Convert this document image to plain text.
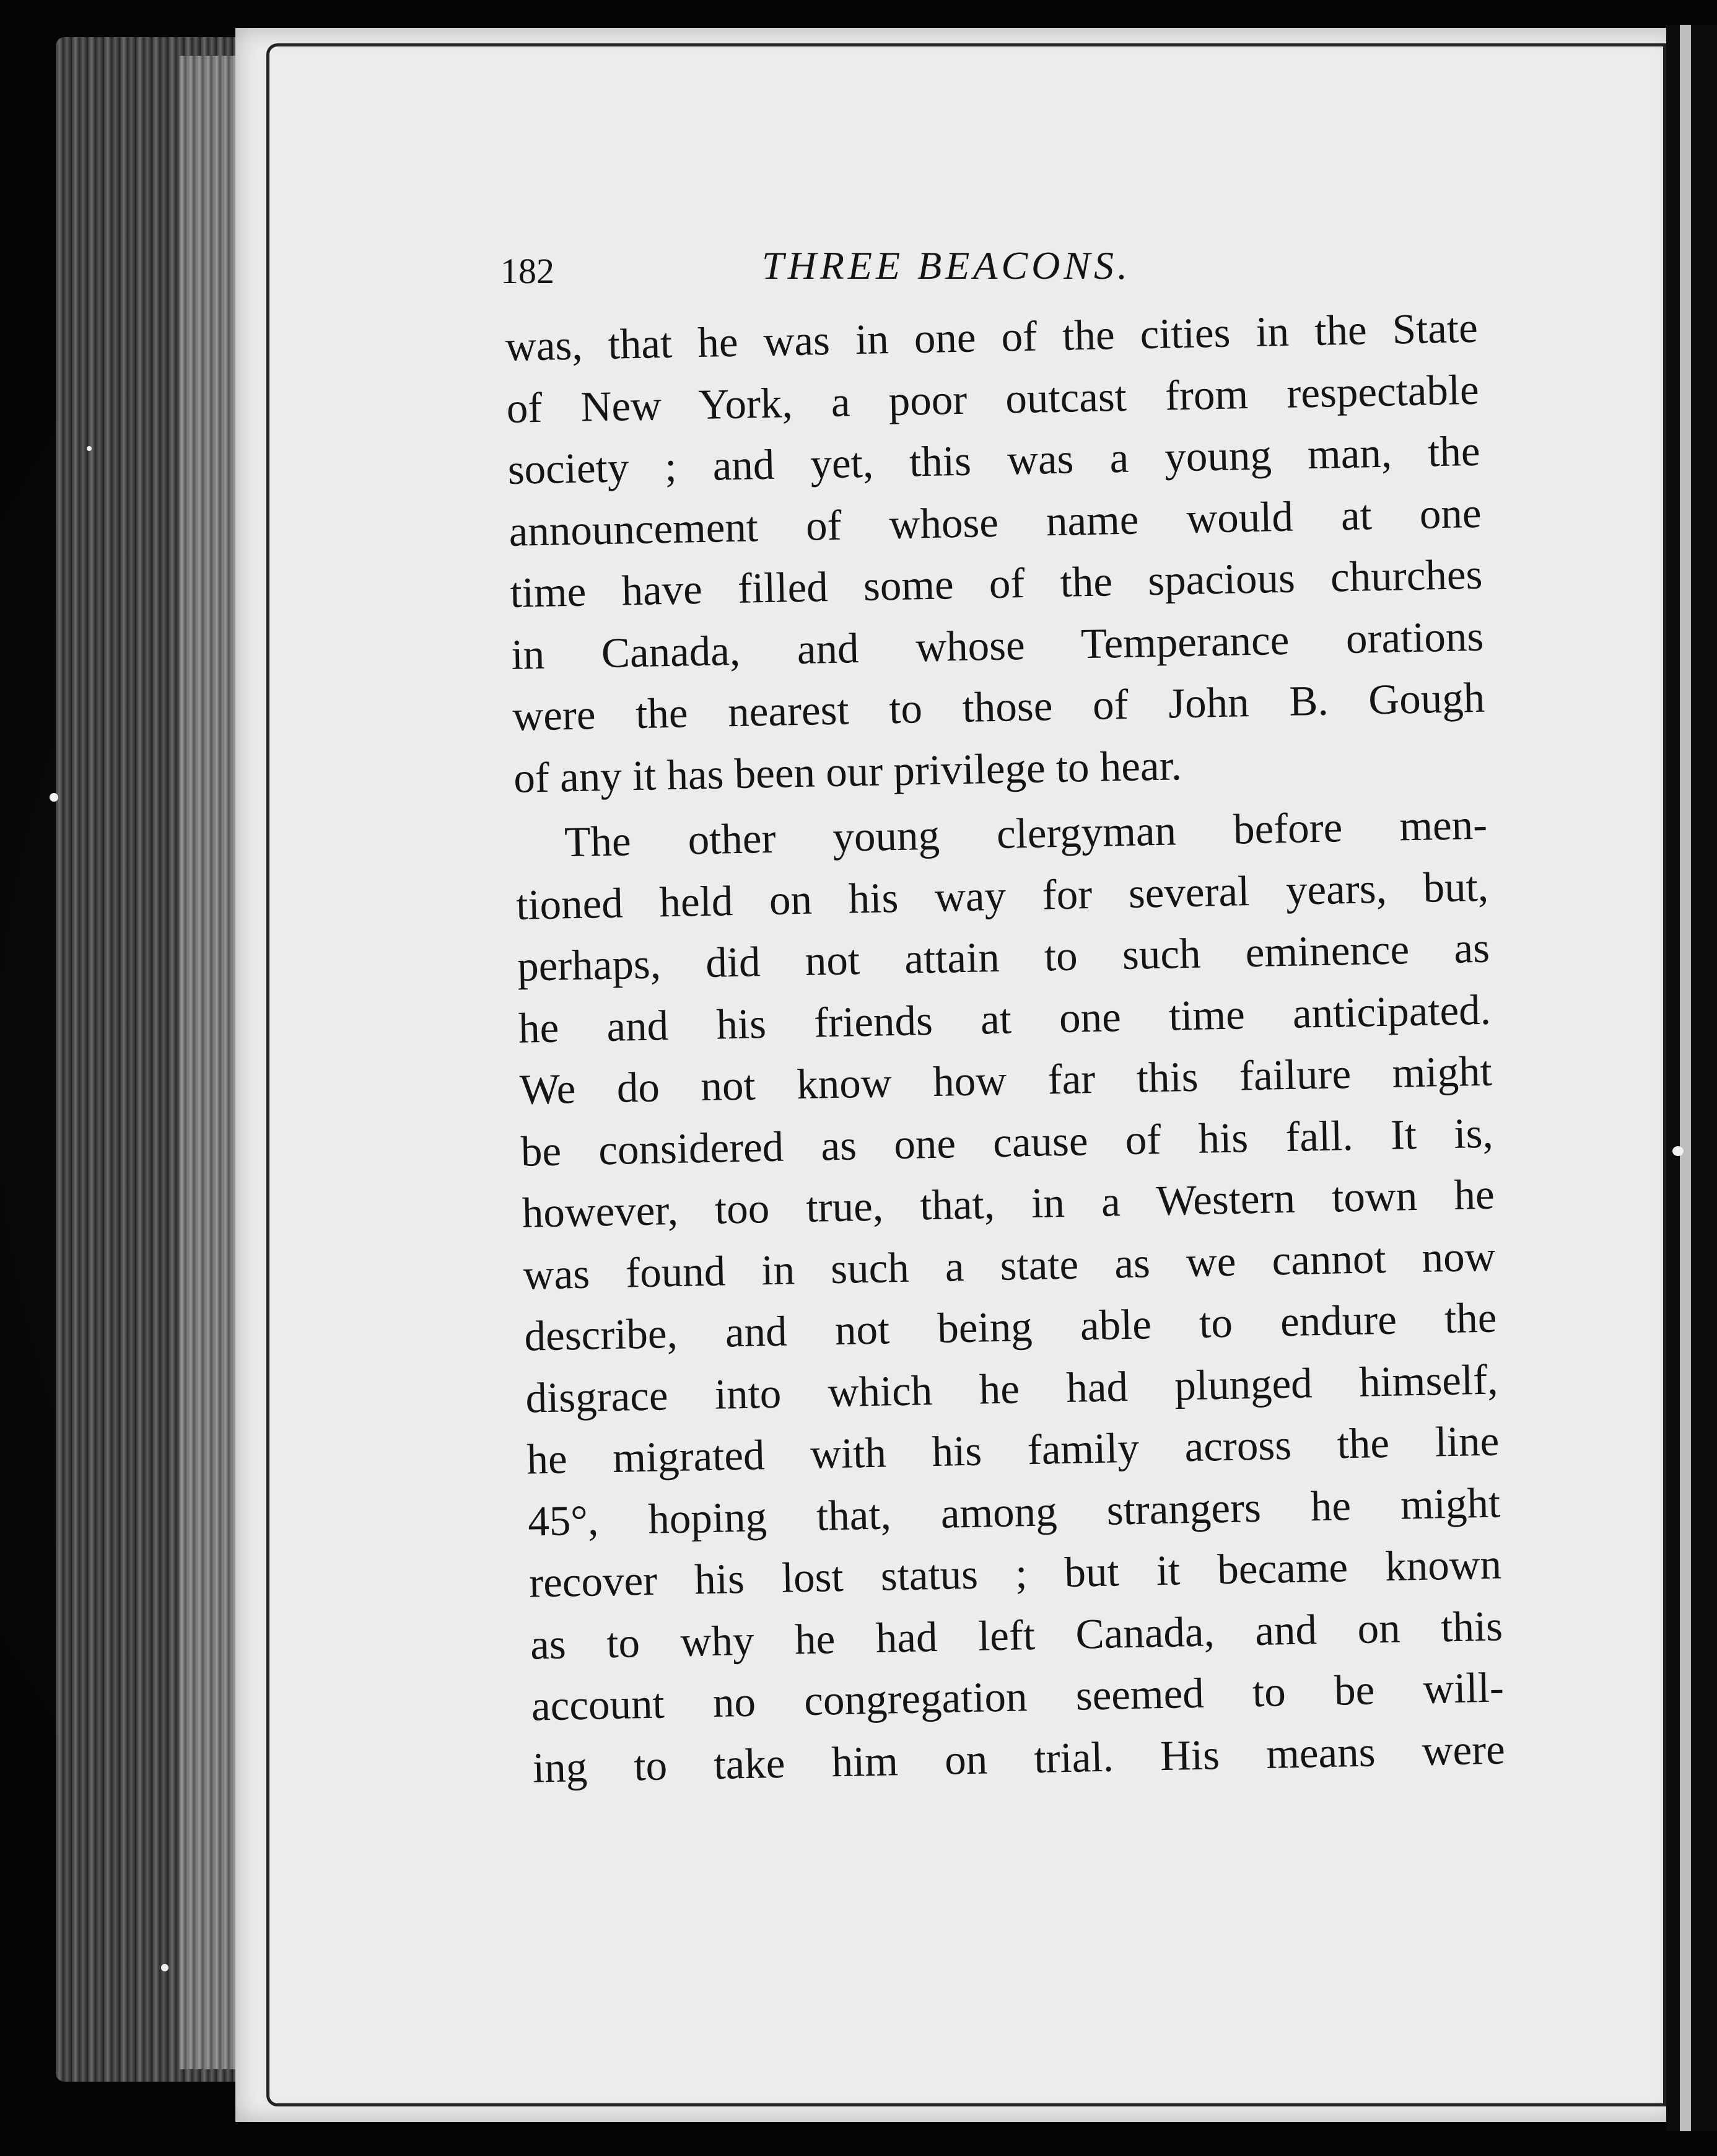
182	THREE BEACONS.
was, that he was in one of the cities in the State
of New York, a poor outcast from respectable
society ; and yet, this was a young man, the
announcement of whose name would at one
time have filled some of the spacious churches
in Canada, and whose Temperance orations
were the nearest to those of John B. Gough
of any it has been our privilege to hear.
The other young clergyman before men-
tioned held on his way for several years, but,
perhaps, did not attain to such eminence as
he and his friends at one time anticipated.
We do not know how far this failure might
be considered as one cause of his fall. It is,
however, too true, that, in a Western town he
was found in such a state as we cannot now
describe, and not being able to endure the
disgrace into which he had plunged himself,
he migrated with his family across the line
45°, hoping that, among strangers he might
recover his lost status ; but it became known
as to why he had left Canada, and on this
account no congregation seemed to be will-
ing to take him on trial. His means were
